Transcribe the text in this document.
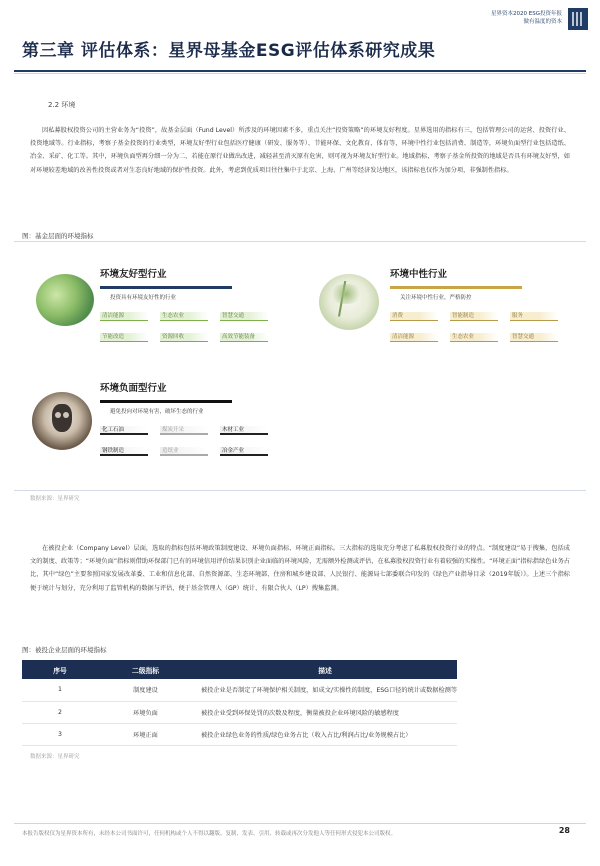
星界资本2020 ESG投资年报
做有温度的资本
第三章 评估体系：星界母基金ESG评估体系研究成果
2.2 环境

因私募股权投资公司的主营业务为“投资”，故基金层面（Fund Level）所涉及的环境因素不多，重点关注“投资策略”的环境友好程度。星界选用的指标有三，包括管理公司的运营、投资行业、投资地域等。行业指标，考察子基金投资的行业类型，环境友好型行业包括医疗健康（研发、服务等）、节能环保、文化教育、体育等，环境中性行业包括消费、制造等，环境负面型行业包括造纸、冶金、采矿、化工等。其中，环境负面型再分细一分为二，若能在原行业做出改进，减轻甚至消灭原有危害，则可视为环境友好型行业。地域指标，考察子基金所投资的地域是否具有环境友好型，如对环境较差地域的改善性投资或者对生态良好地域的保护性投资。此外，考虑到优质项目往往集中于北京、上海、广州等经济发达地区，该指标也仅作为加分项，非强制性指标。

图：基金层面的环境指标
环境友好型行业
投资具有环境友好性的行业
清洁能源	生态农业	智慧交通
节能改造	资源回收	高效节能装备
环境中性行业
关注环境中性行业，严格防控
消费	智能制造	服务
清洁能源	生态农业	智慧交通
环境负面型行业
避免投向对环境有害，破坏生态的行业
化工石油	煤炭开采	木材工业
钢铁制造	造纸业	冶金产业
数据来源：星界研究

在被投企业（Company Level）层面，选取的指标包括环境政策制度建设、环境负面指标、环境正面指标。三大指标的选取充分考虑了私募股权投资行业的特点。“制度建设”易于搜集，包括成文的制度、政策等；“环境负面”指标则借助环保部门已有的环境信用评价结果识别企业面临的环境风险，无需额外检测或评估，在私募股权投资行业有着较强的实操性。“环境正面”指标指绿色业务占比，其中“绿色”主要参照国家发展改革委、工业和信息化部、自然资源部、生态环境部、住房和城乡建设部、人民银行、能源局七部委联合印发的《绿色产业指导目录（2019年版）》。上述三个指标便于统计与划分，充分利用了监管机构的数据与评估，便于基金管理人（GP）统计、有限合伙人（LP）搜集监测。

图：被投企业层面的环境指标
序号	二级指标	描述
1	制度建设	被投企业是否制定了环境保护相关制度，如成文/实操性的制度，ESG口径的统计或数据检测等
2	环境负面	被投企业受到环保处罚的次数及程度，衡量被投企业环境风险的敏感程度
3	环境正面	被投企业绿色业务的性质/绿色业务占比（收入占比/利润占比/业务规模占比）
数据来源：星界研究
本报告版权仅为星界资本所有，未经本公司书面许可，任何机构或个人不得以翻版、复制、发表、引用、转载或再次分发他人等任何形式侵犯本公司版权。	28
